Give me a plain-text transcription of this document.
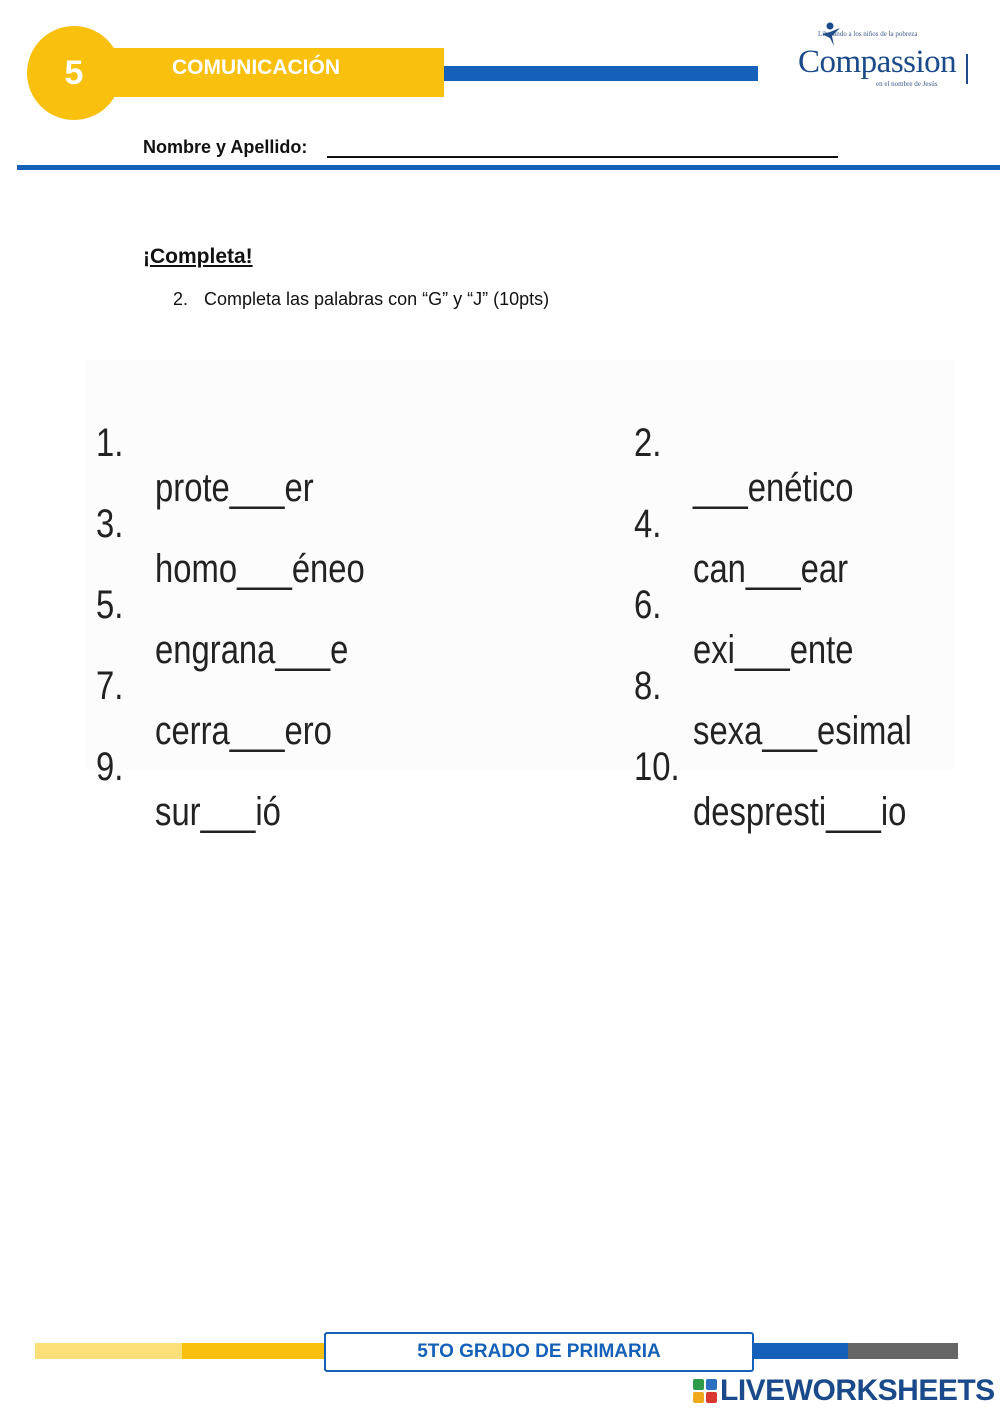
5	COMUNICACIÓN
Liberando a los niños de la pobreza
Compassion
en el nombre de Jesús
Nombre y Apellido:
¡Completa!
2. Completa las palabras con “G” y “J” (10pts)

1.

prote___er

3.

homo___éneo

5.

engrana___e

7.

cerra___ero

9.

sur___ió

2.

___enético

4.

can___ear

6.

exi___ente

8.

sexa___esimal

10.

despresti___io

5TO GRADO DE PRIMARIA
LIVEWORKSHEETS
